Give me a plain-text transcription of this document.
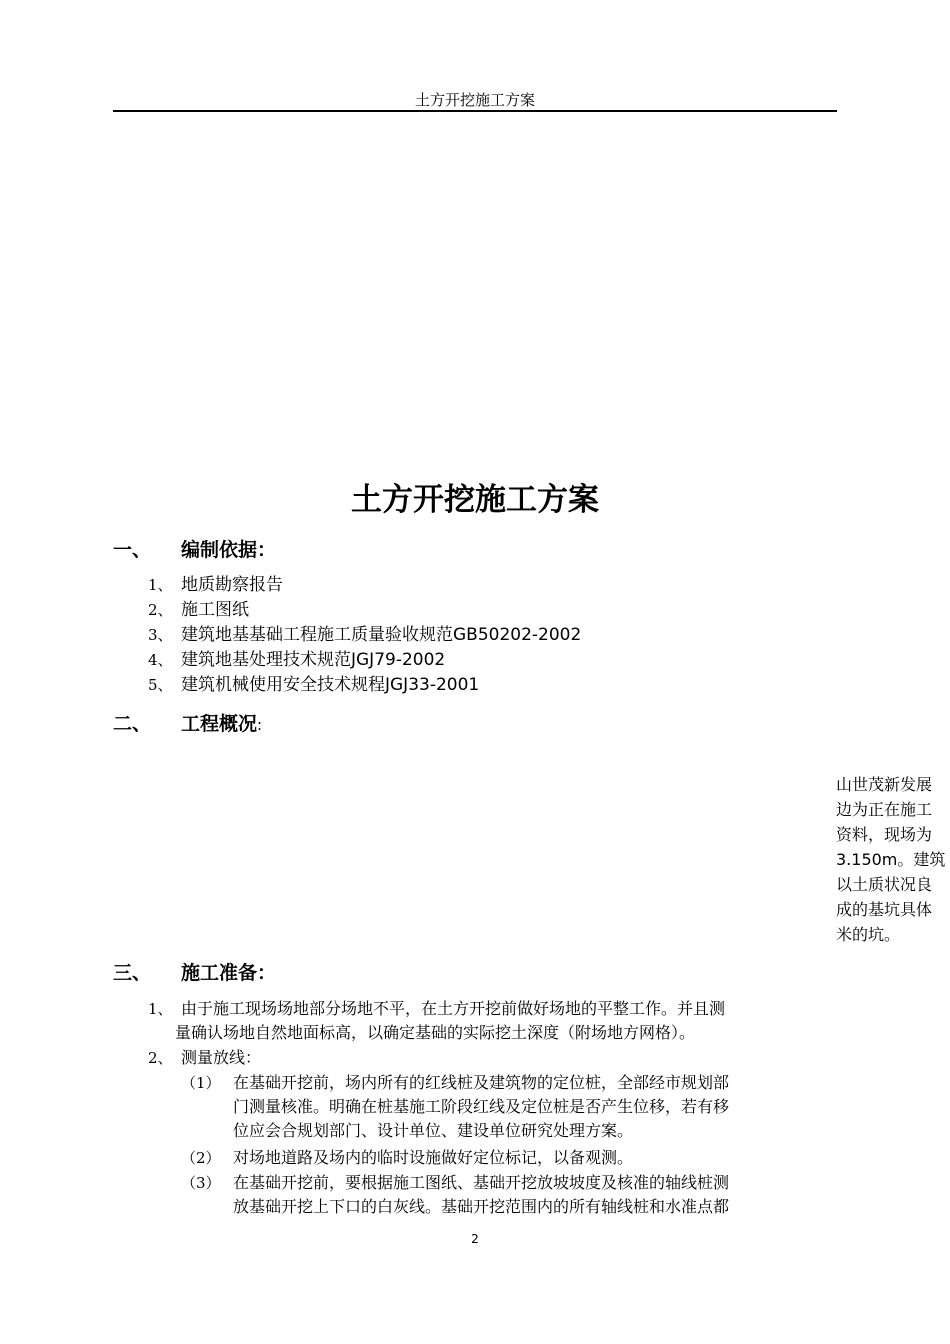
土方开挖施工方案
土方开挖施工方案
一、 编制依据：
1、 地质勘察报告
2、 施工图纸
3、 建筑地基基础工程施工质量验收规范GB50202-2002
4、 建筑地基处理技术规范JGJ79-2002
5、 建筑机械使用安全技术规程JGJ33-2001
二、 工程概况:
山世茂新发展
边为正在施工
资料，现场为
3.150m。建筑
以土质状况良
成的基坑具体
米的坑。
三、 施工准备：
1、 由于施工现场场地部分场地不平，在土方开挖前做好场地的平整工作。并且测
量确认场地自然地面标高，以确定基础的实际挖土深度（附场地方网格）。
2、 测量放线：
（1） 在基础开挖前，场内所有的红线桩及建筑物的定位桩，全部经市规划部
门测量核准。明确在桩基施工阶段红线及定位桩是否产生位移，若有移
位应会合规划部门、设计单位、建设单位研究处理方案。
（2） 对场地道路及场内的临时设施做好定位标记，以备观测。
（3） 在基础开挖前，要根据施工图纸、基础开挖放坡坡度及核准的轴线桩测
放基础开挖上下口的白灰线。基础开挖范围内的所有轴线桩和水准点都
2
